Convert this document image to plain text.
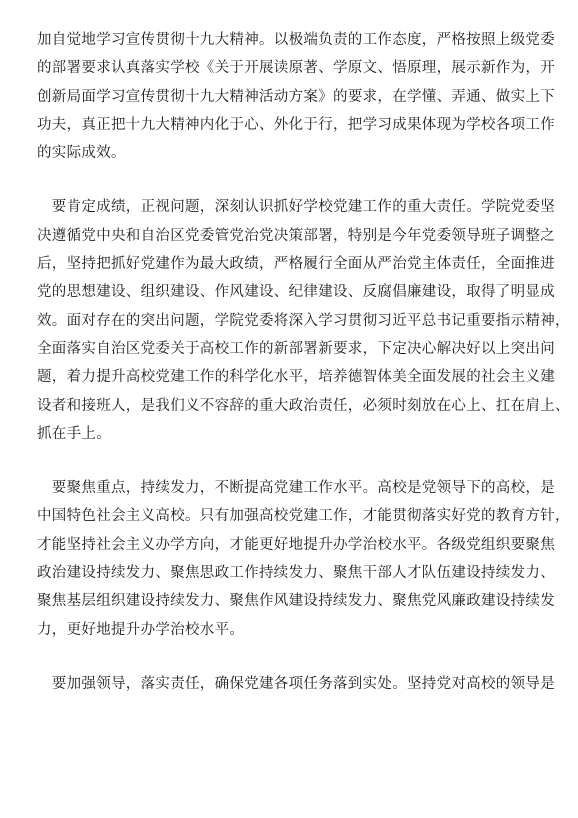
加自觉地学习宣传贯彻十九大精神。以极端负责的工作态度，严格按照上级党委
的部署要求认真落实学校《关于开展读原著、学原文、悟原理，展示新作为，开
创新局面学习宣传贯彻十九大精神活动方案》的要求，在学懂、弄通、做实上下
功夫，真正把十九大精神内化于心、外化于行，把学习成果体现为学校各项工作
的实际成效。
　要肯定成绩，正视问题，深刻认识抓好学校党建工作的重大责任。学院党委坚
决遵循党中央和自治区党委管党治党决策部署，特别是今年党委领导班子调整之
后，坚持把抓好党建作为最大政绩，严格履行全面从严治党主体责任，全面推进
党的思想建设、组织建设、作风建设、纪律建设、反腐倡廉建设，取得了明显成
效。面对存在的突出问题，学院党委将深入学习贯彻习近平总书记重要指示精神，
全面落实自治区党委关于高校工作的新部署新要求，下定决心解决好以上突出问
题，着力提升高校党建工作的科学化水平，培养德智体美全面发展的社会主义建
设者和接班人，是我们义不容辞的重大政治责任，必须时刻放在心上、扛在肩上、
抓在手上。
　要聚焦重点，持续发力，不断提高党建工作水平。高校是党领导下的高校，是
中国特色社会主义高校。只有加强高校党建工作，才能贯彻落实好党的教育方针，
才能坚持社会主义办学方向，才能更好地提升办学治校水平。各级党组织要聚焦
政治建设持续发力、聚焦思政工作持续发力、聚焦干部人才队伍建设持续发力、
聚焦基层组织建设持续发力、聚焦作风建设持续发力、聚焦党风廉政建设持续发
力，更好地提升办学治校水平。
　要加强领导，落实责任，确保党建各项任务落到实处。坚持党对高校的领导是
